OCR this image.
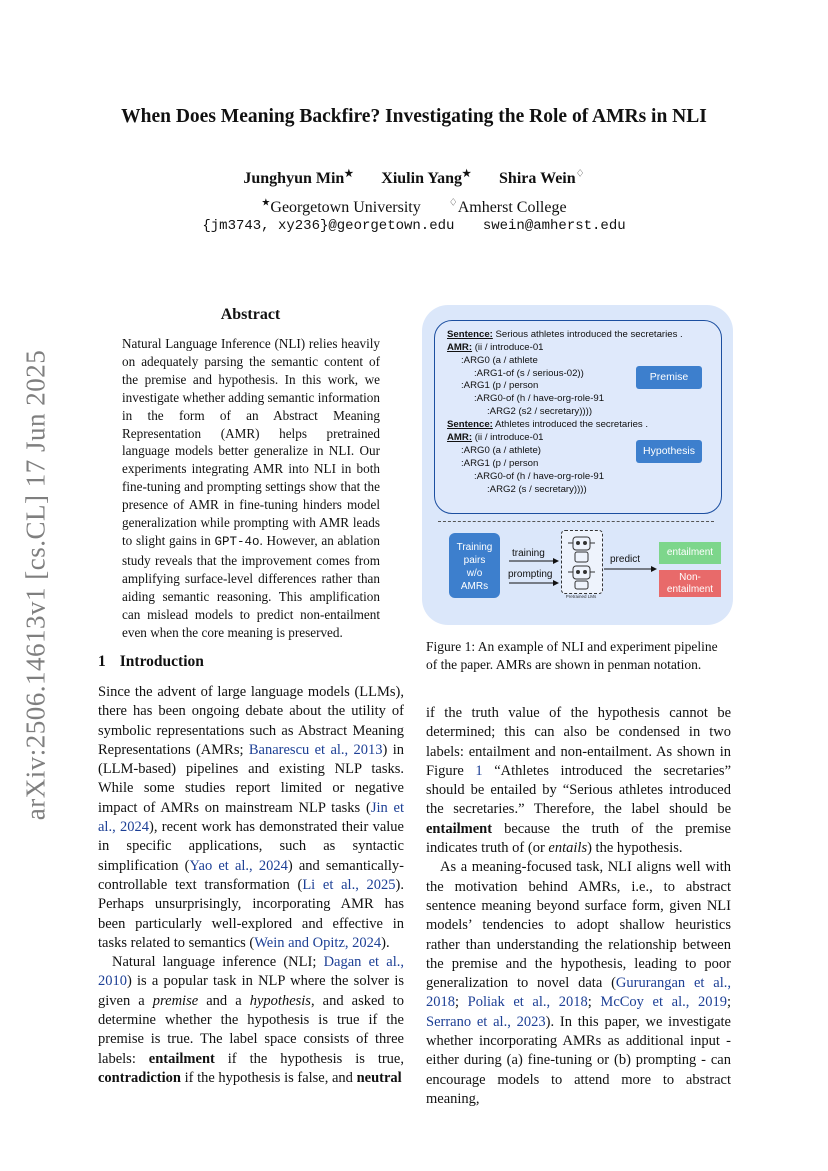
arXiv:2506.14613v1 [cs.CL] 17 Jun 2025
When Does Meaning Backfire? Investigating the Role of AMRs in NLI
Junghyun Min★ Xiulin Yang★ Shira Wein♢
★Georgetown University	♢Amherst College
{jm3743, xy236}@georgetown.edu swein@amherst.edu
Abstract
Natural Language Inference (NLI) relies heavily on adequately parsing the semantic content of the premise and hypothesis. In this work, we investigate whether adding semantic information in the form of an Abstract Meaning Representation (AMR) helps pretrained language models better generalize in NLI. Our experiments integrating AMR into NLI in both fine-tuning and prompting settings show that the presence of AMR in fine-tuning hinders model generalization while prompting with AMR leads to slight gains in GPT-4o. However, an ablation study reveals that the improvement comes from amplifying surface-level differences rather than aiding semantic reasoning. This amplification can mislead models to predict non-entailment even when the core meaning is preserved.
1 Introduction

Since the advent of large language models (LLMs), there has been ongoing debate about the utility of symbolic representations such as Abstract Meaning Representations (AMRs; Banarescu et al., 2013) in (LLM-based) pipelines and existing NLP tasks. While some studies report limited or negative impact of AMRs on mainstream NLP tasks (Jin et al., 2024), recent work has demonstrated their value in specific applications, such as syntactic simplification (Yao et al., 2024) and semantically-controllable text transformation (Li et al., 2025). Perhaps unsurprisingly, incorporating AMR has been particularly well-explored and effective in tasks related to semantics (Wein and Opitz, 2024).

Natural language inference (NLI; Dagan et al., 2010) is a popular task in NLP where the solver is given a premise and a hypothesis, and asked to determine whether the hypothesis is true if the premise is true. The label space consists of three labels: entailment if the hypothesis is true, contradiction if the hypothesis is false, and neutral

Sentence: Serious athletes introduced the secretaries .
AMR: (ii / introduce-01
:ARG0 (a / athlete
:ARG1-of (s / serious-02))
:ARG1 (p / person
:ARG0-of (h / have-org-role-91
:ARG2 (s2 / secretary))))
Sentence: Athletes introduced the secretaries .
AMR: (ii / introduce-01
:ARG0 (a / athlete)
:ARG1 (p / person
:ARG0-of (h / have-org-role-91
:ARG2 (s / secretary))))
Premise
Hypothesis
Training
pairs
w/o
AMRs
training
prompting
predict
Pretrained LMs
entailment
Non-
entailment
Figure 1: An example of NLI and experiment pipeline of the paper. AMRs are shown in penman notation.

if the truth value of the hypothesis cannot be determined; this can also be condensed in two labels: entailment and non-entailment. As shown in Figure 1 “Athletes introduced the secretaries” should be entailed by “Serious athletes introduced the secretaries.” Therefore, the label should be entailment because the truth of the premise indicates truth of (or entails) the hypothesis.

As a meaning-focused task, NLI aligns well with the motivation behind AMRs, i.e., to abstract sentence meaning beyond surface form, given NLI models’ tendencies to adopt shallow heuristics rather than understanding the relationship between the premise and the hypothesis, leading to poor generalization to novel data (Gururangan et al., 2018; Poliak et al., 2018; McCoy et al., 2019; Serrano et al., 2023). In this paper, we investigate whether incorporating AMRs as additional input - either during (a) fine-tuning or (b) prompting - can encourage models to attend more to abstract meaning,
